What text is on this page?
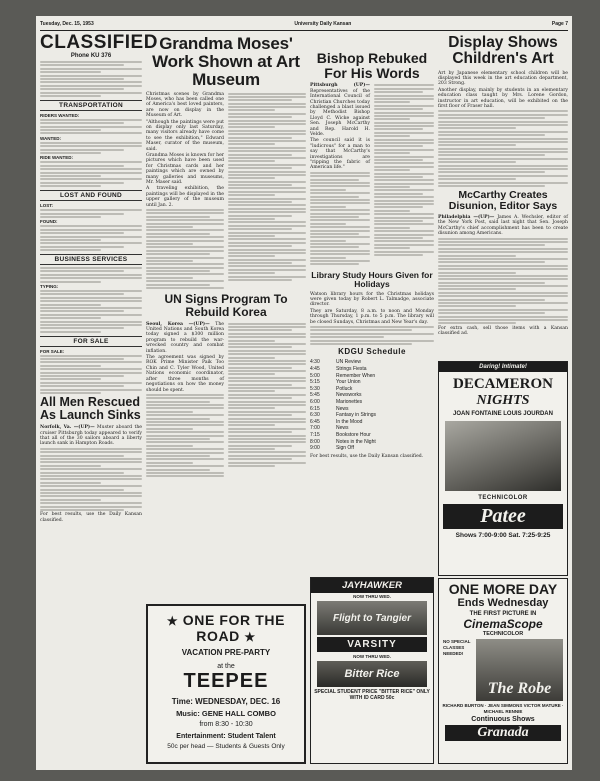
Tuesday, Dec. 15, 1953	University Daily Kansan	Page 7
CLASSIFIED
Phone KU 376
TRANSPORTATION
RIDERS WANTED:
WANTED:
RIDE WANTED:
LOST AND FOUND
LOST:
FOUND:
BUSINESS SERVICES
TYPING:
FOR SALE
FOR SALE:
All Men Rescued As Launch Sinks
Norfolk, Va. —(UP)— Muster aboard the cruiser Pittsburgh today appeared to verify that all of the 30 sailors aboard a liberty launch sank in Hampton Roads.
For best results, use the Daily Kansan classified.
Grandma Moses' Work Shown at Art Museum
Christmas scenes by Grandma Moses, who has been called one of America's best loved painters, are now on display in the Museum of Art.
"Although the paintings were put on display only last Saturday, many visitors already have come to see the exhibition," Edward Maser, curator of the museum, said.
Grandma Moses is known for her pictures which have been used for Christmas cards and her paintings which are owned by many galleries and museums, Mr. Maser said.
A traveling exhibition, the paintings will be displayed in the upper gallery of the museum until Jan. 2.
UN Signs Program To Rebuild Korea
Seoul, Korea —(UP)— The United Nations and South Korea today signed a $300 million program to rebuild the war-wrecked country and combat inflation.
The agreement was signed by ROK Prime Minister Paik Too Chin and C. Tyler Wood, United Nations economic coordinator, after three months of negotiations on how the money should be spent.
Bishop Rebuked For His Words
Pittsburgh (UP)— Representatives of the International Council of Christian Churches today challenged a blast issued by Methodist Bishop Lloyd C. Wicke against Sen. Joseph McCarthy and Rep. Harold H. Velde.
The council said it is "ludicrous" for a man to say that McCarthy's investigations are "ripping the fabric of American life."
Library Study Hours Given for Holidays
Watson library hours for the Christmas holidays were given today by Robert L. Talmadge, associate director.
They are Saturday, 8 a.m. to noon and Monday through Thursday, 1 p.m. to 5 p.m. The library will be closed Sundays, Christmas and New Year's day.
KDGU Schedule
4:30	UN Review
4:45	Strings Fiesta
5:00	Remember When
5:15	Your Union
5:30	Potluck
5:45	Newsworks
6:00	Marionettes
6:15	News
6:30	Fantasy in Strings
6:45	In the Mood
7:00	News
7:15	Bookstore Hour
8:00	Notes in the Night
9:00	Sign Off
For best results, use the Daily Kansan classified.
Display Shows Children's Art
Art by Japanese elementary school children will be displayed this week in the art education department, 203 Strong.
Another display, mainly by students in an elementary education class taught by Mrs. Lorene Gordon, instructor in art education, will be exhibited on the first floor of Fraser hall.
McCarthy Creates Disunion, Editor Says
Philadelphia —(UP)— James A. Wechsler, editor of the New York Post, said last night that Sen. Joseph McCarthy's chief accomplishment has been to create disunion among Americans.
For extra cash, sell those items with a Kansan classified ad.
★ ONE FOR THE ROAD ★
VACATION PRE-PARTY
at the
TEEPEE
Time: WEDNESDAY, DEC. 16
Music: GENE HALL COMBO
from 8:30 - 10:30
Entertainment: Student Talent
50c per head — Students & Guests Only
JAYHAWKER
NOW THRU WED.
Flight to Tangier
VARSITY
NOW THRU WED.
Bitter Rice
SPECIAL STUDENT PRICE "BITTER RICE" ONLY WITH ID CARD 50c
Daring! Intimate!
DECAMERON
NIGHTS
JOAN FONTAINE LOUIS JOURDAN
TECHNICOLOR
Patee
Shows 7:00-9:00 Sat. 7:25-9:25
ONE MORE DAY
Ends Wednesday
THE FIRST PICTURE IN
CinemaScope
TECHNICOLOR
NO SPECIAL CLASSES NEEDED!
The Robe
RICHARD BURTON · JEAN SIMMONS VICTOR MATURE · MICHAEL RENNIE
Continuous Shows
Granada
